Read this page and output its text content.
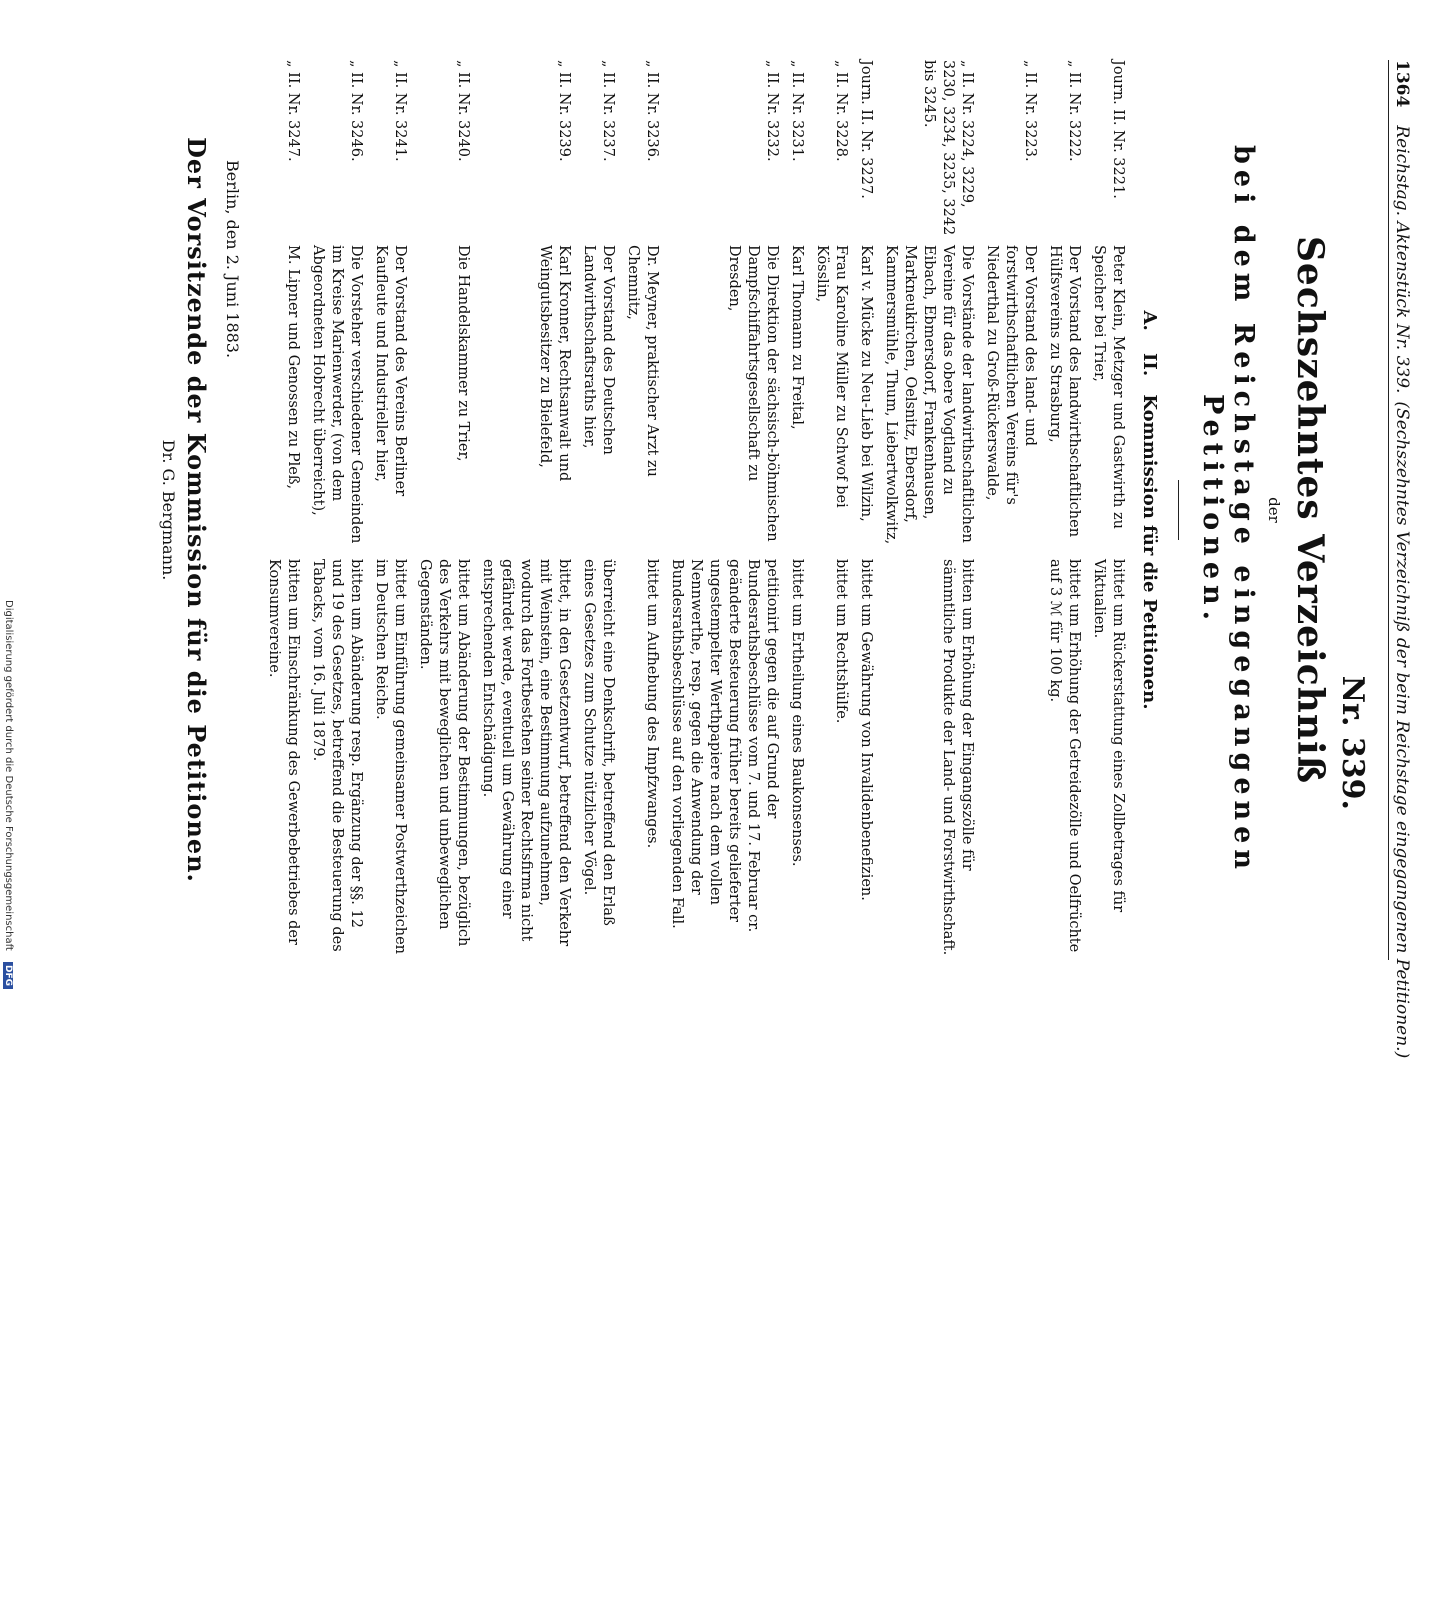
1364
Reichstag. Aktenstück Nr. 339.
(Sechszehntes Verzeichniß der beim Reichstage eingegangenen Petitionen.)
Nr. 339.
Sechszehntes Verzeichniß
der
bei dem Reichstage eingegangenen Petitionen.
A. II. Kommission für die Petitionen.
Journ. II. Nr. 3221.	Peter Klein, Metzger und Gastwirth zu Speicher bei Trier,	bittet um Rückerstattung eines Zollbetrages für Viktualien.
„ II. Nr. 3222.	Der Vorstand des landwirthschaftlichen Hülfsvereins zu Strasburg,	bittet um Erhöhung der Getreidezölle und Oelfrüchte auf 3 ℳ für 100 kg.
„ II. Nr. 3223.	Der Vorstand des land- und forstwirthschaftlichen Vereins für's Niederthal zu Groß-Rückerswalde,	
„ II. Nr. 3224, 3229, 3230, 3234, 3235, 3242 bis 3245.	Die Vorstände der landwirthschaftlichen Vereine für das obere Vogtland zu Eibach, Ebmersdorf, Frankenhausen, Markneukirchen, Oelsnitz, Ebersdorf, Kammersmühle, Thum, Liebertwolkwitz,	bitten um Erhöhung der Eingangszölle für sämmtliche Produkte der Land- und Forstwirthschaft.
Journ. II. Nr. 3227.	Karl v. Mücke zu Neu-Lieb bei Wilzin,	bittet um Gewährung von Invalidenbenefizien.
„ II. Nr. 3228.	Frau Karoline Müller zu Schwof bei Kösslin,	bittet um Rechtshülfe.
„ II. Nr. 3231.	Karl Thomann zu Freital,	bittet um Ertheilung eines Baukonsenses.
„ II. Nr. 3232.	Die Direktion der sächsisch-böhmischen Dampfschiffahrtsgesellschaft zu Dresden,	petitionirt gegen die auf Grund der Bundesrathsbeschlüsse vom 7. und 17. Februar cr. geänderte Besteuerung früher bereits gelieferter ungestempelter Werthpapiere nach dem vollen Nennwerthe, resp. gegen die Anwendung der Bundesrathsbeschlüsse auf den vorliegenden Fall.
„ II. Nr. 3236.	Dr. Meyner, praktischer Arzt zu Chemnitz,	bittet um Aufhebung des Impfzwanges.
„ II. Nr. 3237.	Der Vorstand des Deutschen Landwirthschaftsraths hier,	überreicht eine Denkschrift, betreffend den Erlaß eines Gesetzes zum Schutze nützlicher Vögel.
„ II. Nr. 3239.	Karl Kronner, Rechtsanwalt und Weingutsbesitzer zu Bielefeld,	bittet, in den Gesetzentwurf, betreffend den Verkehr mit Weinstein, eine Bestimmung aufzunehmen, wodurch das Fortbestehen seiner Rechtsfirma nicht gefährdet werde, eventuell um Gewährung einer entsprechenden Entschädigung.
„ II. Nr. 3240.	Die Handelskammer zu Trier,	bittet um Abänderung der Bestimmungen, bezüglich des Verkehrs mit beweglichen und unbeweglichen Gegenständen.
„ II. Nr. 3241.	Der Vorstand des Vereins Berliner Kaufleute und Industrieller hier,	bittet um Einführung gemeinsamer Postwerthzeichen im Deutschen Reiche.
„ II. Nr. 3246.	Die Vorsteher verschiedener Gemeinden im Kreise Marienwerder, (von dem Abgeordneten Hobrecht überreicht),	bitten um Abänderung resp. Ergänzung der §§. 12 und 19 des Gesetzes, betreffend die Besteuerung des Tabacks, vom 16. Juli 1879.
„ II. Nr. 3247.	M. Lipner und Genossen zu Pleß,	bitten um Einschränkung des Gewerbebetriebes der Konsumvereine.
Berlin, den 2. Juni 1883.
Der Vorsitzende der Kommission für die Petitionen.
Dr. G. Bergmann.
Digitalisierung gefördert durch die Deutsche Forschungsgemeinschaft DFG
